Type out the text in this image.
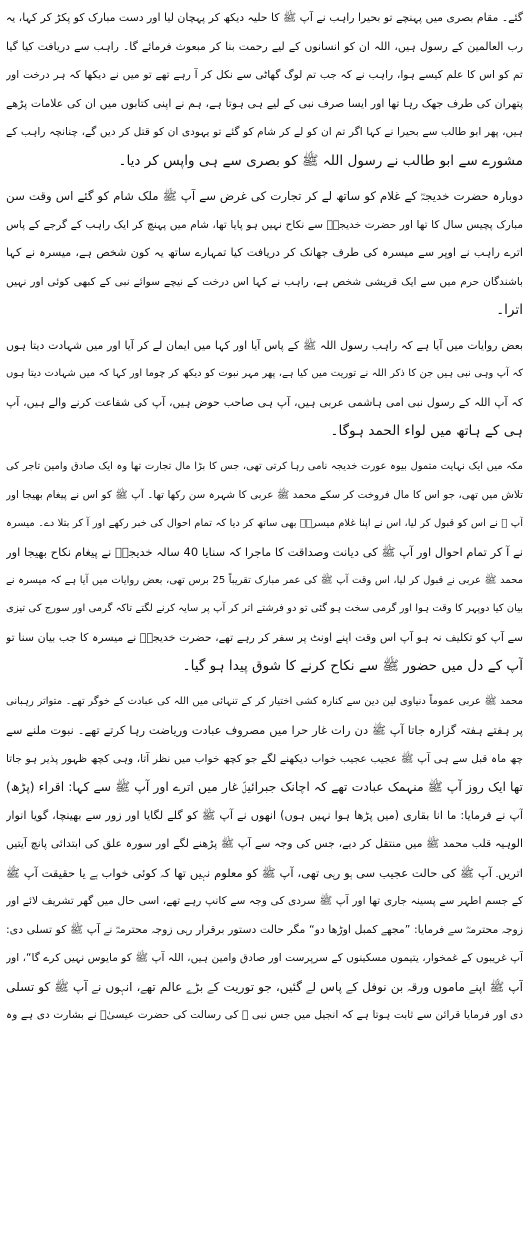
گئے۔ مقام بصری میں پہنچے تو بحیرا راہب نے آپ ﷺ کا حلیہ دیکھ کر پہچان لیا اور دست مبارک کو پکڑ کر کہا، یہ
رب العالمین کے رسول ہیں، اللہ ان کو انسانوں کے لیے رحمت بنا کر مبعوث فرمائے گا۔ راہب سے دریافت کیا گیا
تم کو اس کا علم کیسے ہوا، راہب نے کہ جب تم لوگ گھاٹی سے نکل کر آ رہے تھے تو میں نے دیکھا کہ ہر درخت اور
پتھران کی طرف جھک رہا تھا اور ایسا صرف نبی کے لیے ہی ہوتا ہے، ہم نے اپنی کتابوں میں ان کی علامات پڑھے
ہیں، پھر ابو طالب سے بحیرا نے کہا اگر تم ان کو لے کر شام کو گئے تو یہودی ان کو قتل کر دیں گے، چنانچہ راہب کے
مشورے سے ابو طالب نے رسول اللہ ﷺ کو بصری سے ہی واپس کر دیا۔
دوبارہ حضرت خدیجہؓ کے غلام کو ساتھ لے کر تجارت کی غرض سے آپ ﷺ ملک شام کو گئے اس وقت سن
مبارک پچیس سال کا تھا اور حضرت خدیجہؓ سے نکاح نہیں ہو پایا تھا، شام میں پہنچ کر ایک راہب کے گرجے کے پاس
اترے راہب نے اوپر سے میسرہ کی طرف جھانک کر دریافت کیا تمہارے ساتھ یہ کون شخص ہے، میسرہ نے کہا
باشندگان حرم میں سے ایک قریشی شخص ہے، راہب نے کہا اس درخت کے نیچے سوائے نبی کے کبھی کوئی اور نہیں
اترا۔
بعض روایات میں آیا ہے کہ راہب رسول اللہ ﷺ کے پاس آیا اور کہا میں ایمان لے کر آیا اور میں شہادت دیتا ہوں
کہ آپ وہی نبی ہیں جن کا ذکر اللہ نے توریت میں کیا ہے، پھر مہر نبوت کو دیکھ کر چوما اور کہا کہ میں شہادت دیتا ہوں
کہ آپ اللہ کے رسول نبی امی ہاشمی عربی ہیں، آپ ہی صاحب حوض ہیں، آپ کی شفاعت کرنے والے ہیں، آپ
ہی کے ہاتھ میں لواء الحمد ہوگا۔
مکہ میں ایک نہایت متمول بیوہ عورت خدیجہ نامی رہا کرتی تھی، جس کا بڑا مال تجارت تھا وہ ایک صادق وامین تاجر کی
تلاش میں تھی، جو اس کا مال فروخت کر سکے محمد ﷺ عربی کا شہرہ سن رکھا تھا۔ آپ ﷺ کو اس نے پیغام بھیجا اور
آپ ﷺ نے اس کو قبول کر لیا، اس نے اپنا غلام میسرہؓ بھی ساتھ کر دیا کہ تمام احوال کی خبر رکھے اور آ کر بتلا دے۔ میسرہ
نے آ کر تمام احوال اور آپ ﷺ کی دیانت وصداقت کا ماجرا کہ سنایا 40 سالہ خدیجہؓ نے پیغام نکاح بھیجا اور
محمد ﷺ عربی نے قبول کر لیا، اس وقت آپ ﷺ کی عمر مبارک تقریباً 25 برس تھی، بعض روایات میں آیا ہے کہ میسرہ نے
بیان کیا دوپہر کا وقت ہوا اور گرمی سخت ہو گئی تو دو فرشتے اتر کر آپ پر سایہ کرنے لگتے تاکہ گرمی اور سورج کی تیزی
سے آپ کو تکلیف نہ ہو آپ اس وقت اپنے اونٹ پر سفر کر رہے تھے، حضرت خدیجہؓ نے میسرہ کا جب بیان سنا تو
آپ کے دل میں حضور ﷺ سے نکاح کرنے کا شوق پیدا ہو گیا۔
محمد ﷺ عربی عموماً دنیاوی لین دین سے کنارہ کشی اختیار کر کے تنہائی میں اللہ کی عبادت کے خوگر تھے۔ متواتر رہبانی
پر ہفتے ہفتہ گزارہ جاتا آپ ﷺ دن رات غار حرا میں مصروف عبادت وریاضت رہا کرتے تھے۔ نبوت ملنے سے
چھ ماہ قبل سے ہی آپ ﷺ عجیب عجیب خواب دیکھنے لگے جو کچھ خواب میں نظر آتا، وہی کچھ ظہور پذیر ہو جاتا
تھا ایک روز آپ ﷺ منہمک عبادت تھے کہ اچانک جبرائیلؑ غار میں اترے اور آپ ﷺ سے کہا: اقراء (پڑھ)
آپ نے فرمایا: ما انا بقاری (میں پڑھا ہوا نہیں ہوں) انھوں نے آپ ﷺ کو گلے لگایا اور زور سے بھینچا، گویا انوار
الوہیہ قلب محمد ﷺ میں منتقل کر دیے، جس کی وجہ سے آپ ﷺ پڑھنے لگے اور سورہ علق کی ابتدائی پانچ آیتیں
اتریں۔ آپ ﷺ کی حالت عجیب سی ہو رہی تھی، آپ ﷺ کو معلوم نہیں تھا کہ کوئی خواب ہے یا حقیقت آپ ﷺ
کے جسم اطہر سے پسینہ جاری تھا اور آپ ﷺ سردی کی وجہ سے کانپ رہے تھے، اسی حال میں گھر تشریف لائے اور
زوجہ محترمہؓ سے فرمایا: ”مجھے کمبل اوڑھا دو“ مگر حالت دستور برقرار رہی زوجہ محترمہؓ نے آپ ﷺ کو تسلی دی:
آپ غریبوں کے غمخوار، یتیموں مسکینوں کے سرپرست اور صادق وامین ہیں، اللہ آپ ﷺ کو مایوس نہیں کرے گا“، اور
آپ ﷺ اپنے ماموں ورقہ بن نوفل کے پاس لے گئیں، جو توریت کے بڑے عالم تھے، انہوں نے آپ ﷺ کو تسلی
دی اور فرمایا قرائن سے ثابت ہوتا ہے کہ انجیل میں جس نبی ﷺ کی رسالت کی حضرت عیسیٰؑ نے بشارت دی ہے وہ
